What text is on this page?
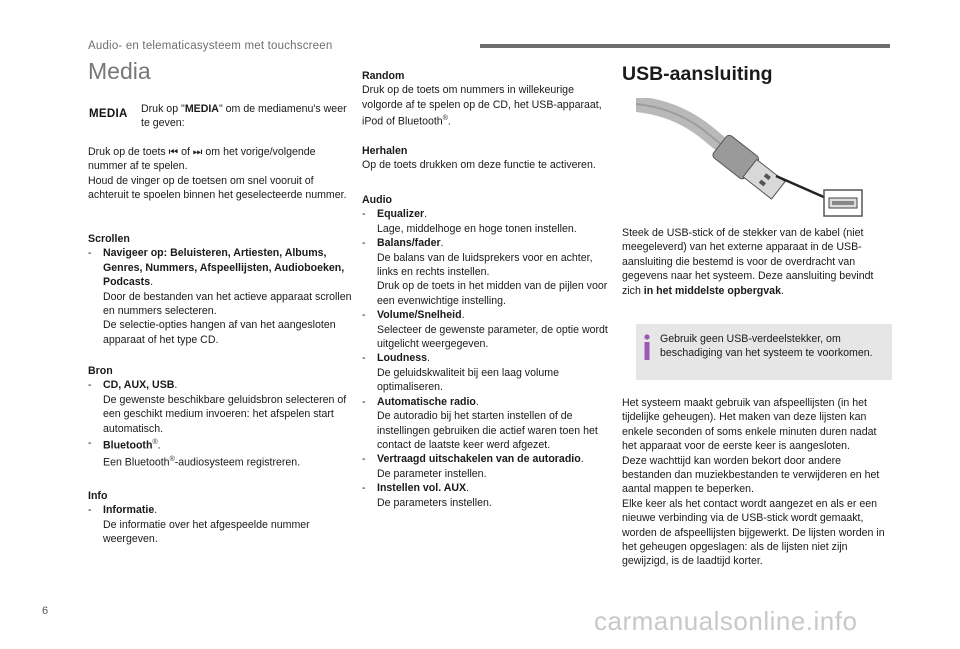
Audio- en telematicasysteem met touchscreen
Media
MEDIA Druk op "MEDIA" om de mediamenu's weer te geven:
Druk op de toets ⏮ of ⏭ om het vorige/volgende nummer af te spelen.
Houd de vinger op de toetsen om snel vooruit of achteruit te spoelen binnen het geselecteerde nummer.
Scrollen
- Navigeer op: Beluisteren, Artiesten, Albums, Genres, Nummers, Afspeellijsten, Audioboeken, Podcasts.
Door de bestanden van het actieve apparaat scrollen en nummers selecteren.
De selectie-opties hangen af van het aangesloten apparaat of het type CD.
Bron
- CD, AUX, USB.
De gewenste beschikbare geluidsbron selecteren of een geschikt medium invoeren: het afspelen start automatisch.
- Bluetooth®.
Een Bluetooth®-audiosysteem registreren.
Info
- Informatie.
De informatie over het afgespeelde nummer weergeven.
Random
Druk op de toets om nummers in willekeurige volgorde af te spelen op de CD, het USB-apparaat, iPod of Bluetooth®.
Herhalen
Op de toets drukken om deze functie te activeren.
Audio
- Equalizer.
Lage, middelhoge en hoge tonen instellen.
- Balans/fader.
De balans van de luidsprekers voor en achter, links en rechts instellen.
Druk op de toets in het midden van de pijlen voor een evenwichtige instelling.
- Volume/Snelheid.
Selecteer de gewenste parameter, de optie wordt uitgelicht weergegeven.
- Loudness.
De geluidskwaliteit bij een laag volume optimaliseren.
- Automatische radio.
De autoradio bij het starten instellen of de instellingen gebruiken die actief waren toen het contact de laatste keer werd afgezet.
- Vertraagd uitschakelen van de autoradio.
De parameter instellen.
- Instellen vol. AUX.
De parameters instellen.
USB-aansluiting
Steek de USB-stick of de stekker van de kabel (niet meegeleverd) van het externe apparaat in de USB-aansluiting die bestemd is voor de overdracht van gegevens naar het systeem. Deze aansluiting bevindt zich in het middelste opbergvak.
Gebruik geen USB-verdeelstekker, om beschadiging van het systeem te voorkomen.
Het systeem maakt gebruik van afspeellijsten (in het tijdelijke geheugen). Het maken van deze lijsten kan enkele seconden of soms enkele minuten duren nadat het apparaat voor de eerste keer is aangesloten.
Deze wachttijd kan worden bekort door andere bestanden dan muziekbestanden te verwijderen en het aantal mappen te beperken.
Elke keer als het contact wordt aangezet en als er een nieuwe verbinding via de USB-stick wordt gemaakt, worden de afspeellijsten bijgewerkt. De lijsten worden in het geheugen opgeslagen: als de lijsten niet zijn gewijzigd, is de laadtijd korter.
6	carmanualsonline.info
